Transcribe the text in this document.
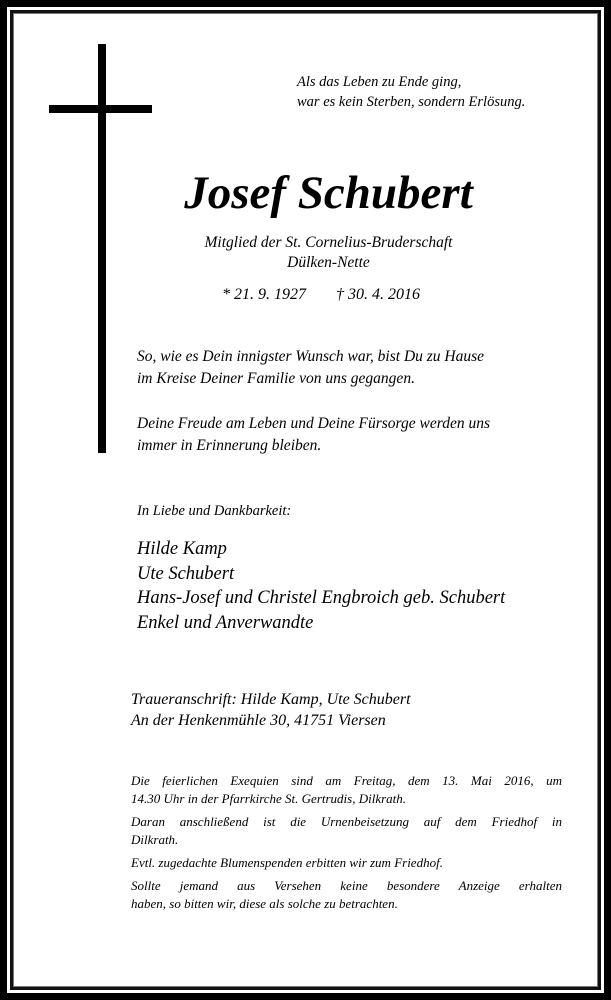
Als das Leben zu Ende ging,
war es kein Sterben, sondern Erlösung.
Josef Schubert
Mitglied der St. Cornelius-Bruderschaft
Dülken-Nette
* 21. 9. 1927 † 30. 4. 2016
So, wie es Dein innigster Wunsch war, bist Du zu Hause
im Kreise Deiner Familie von uns gegangen.
Deine Freude am Leben und Deine Fürsorge werden uns
immer in Erinnerung bleiben.
In Liebe und Dankbarkeit:
Hilde Kamp
Ute Schubert
Hans-Josef und Christel Engbroich geb. Schubert
Enkel und Anverwandte
Traueranschrift: Hilde Kamp, Ute Schubert
An der Henkenmühle 30, 41751 Viersen

Die feierlichen Exequien sind am Freitag, dem 13. Mai 2016, um
14.30 Uhr in der Pfarrkirche St. Gertrudis, Dilkrath.

Daran anschließend ist die Urnenbeisetzung auf dem Friedhof in
Dilkrath.

Evtl. zugedachte Blumenspenden erbitten wir zum Friedhof.

Sollte jemand aus Versehen keine besondere Anzeige erhalten
haben, so bitten wir, diese als solche zu betrachten.
